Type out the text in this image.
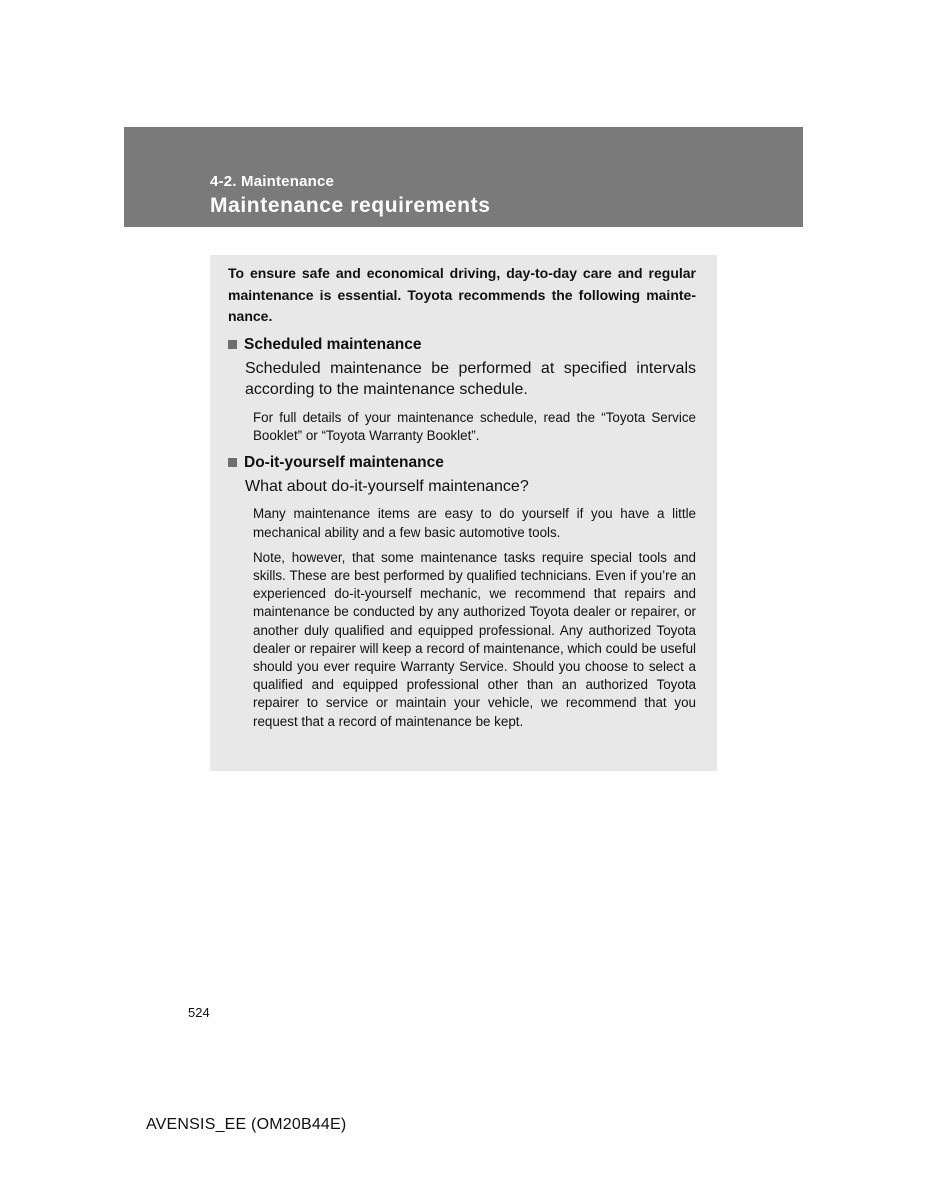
4-2. Maintenance
Maintenance requirements

To ensure safe and economical driving, day-to-day care and regular maintenance is essential. Toyota recommends the following maintenance.

Scheduled maintenance

Scheduled maintenance be performed at specified intervals according to the maintenance schedule.

For full details of your maintenance schedule, read the “Toyota Service Booklet” or “Toyota Warranty Booklet”.

Do-it-yourself maintenance

What about do-it-yourself maintenance?

Many maintenance items are easy to do yourself if you have a little mechanical ability and a few basic automotive tools.

Note, however, that some maintenance tasks require special tools and skills. These are best performed by qualified technicians. Even if you’re an experienced do-it-yourself mechanic, we recommend that repairs and maintenance be conducted by any authorized Toyota dealer or repairer, or another duly qualified and equipped professional. Any authorized Toyota dealer or repairer will keep a record of maintenance, which could be useful should you ever require Warranty Service. Should you choose to select a qualified and equipped professional other than an authorized Toyota repairer to service or maintain your vehicle, we recommend that you request that a record of maintenance be kept.

524
AVENSIS_EE (OM20B44E)
